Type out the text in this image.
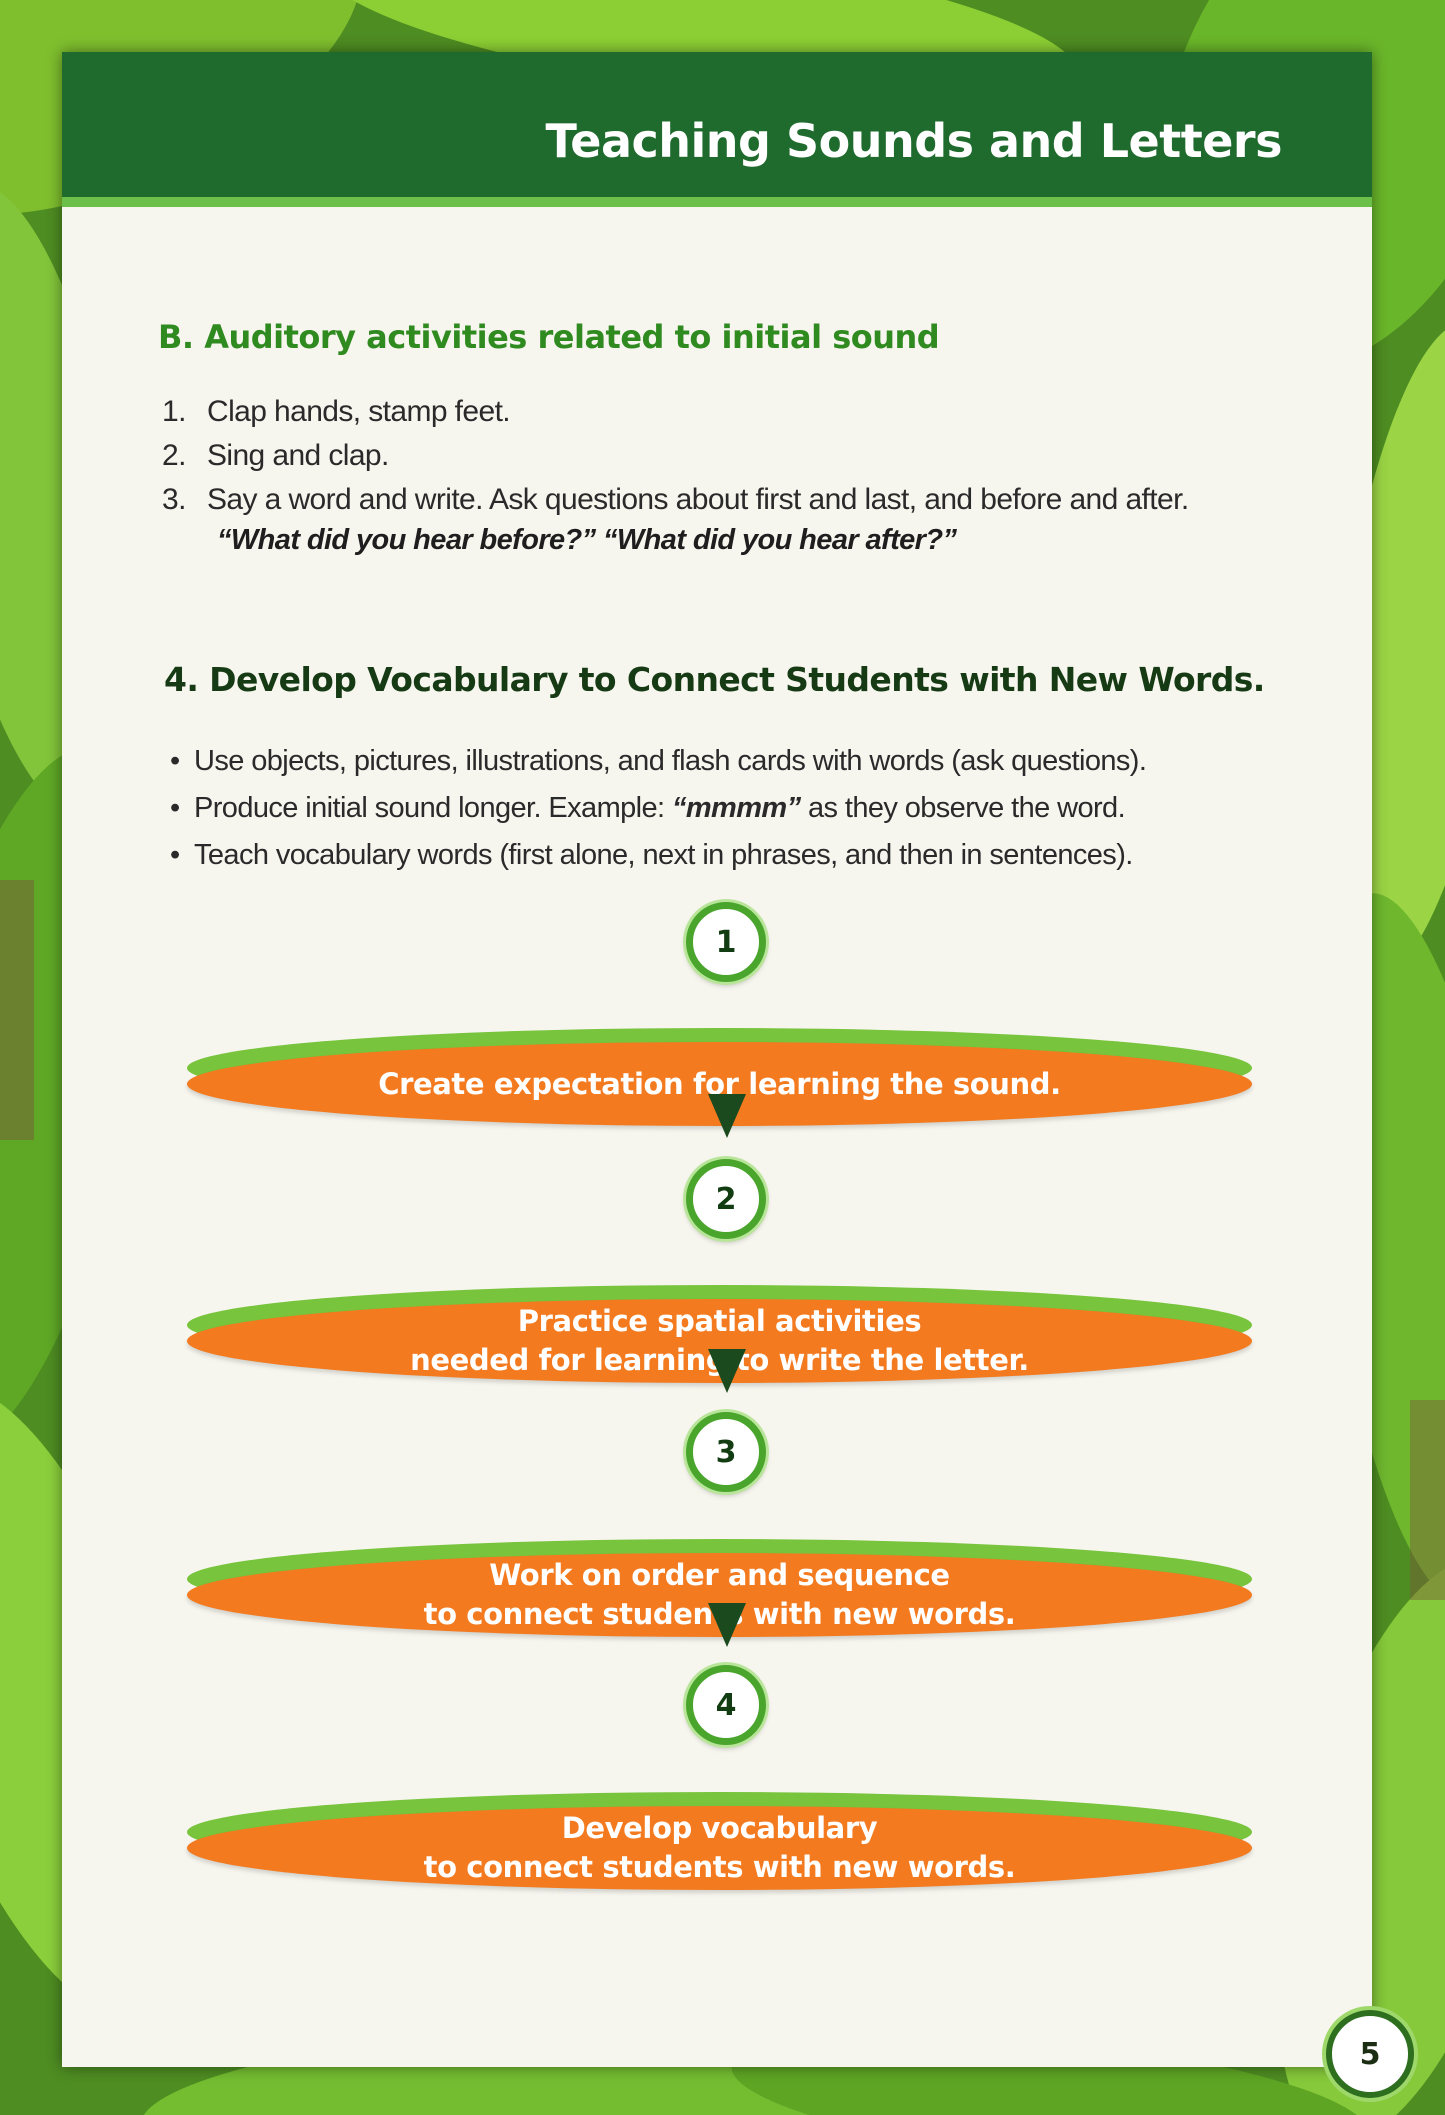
Teaching Sounds and Letters
B. Auditory activities related to initial sound
1. Clap hands, stamp feet.
2. Sing and clap.
3. Say a word and write. Ask questions about first and last, and before and after.
“What did you hear before?” “What did you hear after?”
4. Develop Vocabulary to Connect Students with New Words.
• Use objects, pictures, illustrations, and flash cards with words (ask questions).
• Produce initial sound longer. Example: “mmmm” as they observe the word.
• Teach vocabulary words (first alone, next in phrases, and then in sentences).
1
Create expectation for learning the sound.
2
Practice spatial activities
needed for learning to write the letter.
3
Work on order and sequence
to connect students with new words.
4
Develop vocabulary
to connect students with new words.
5
